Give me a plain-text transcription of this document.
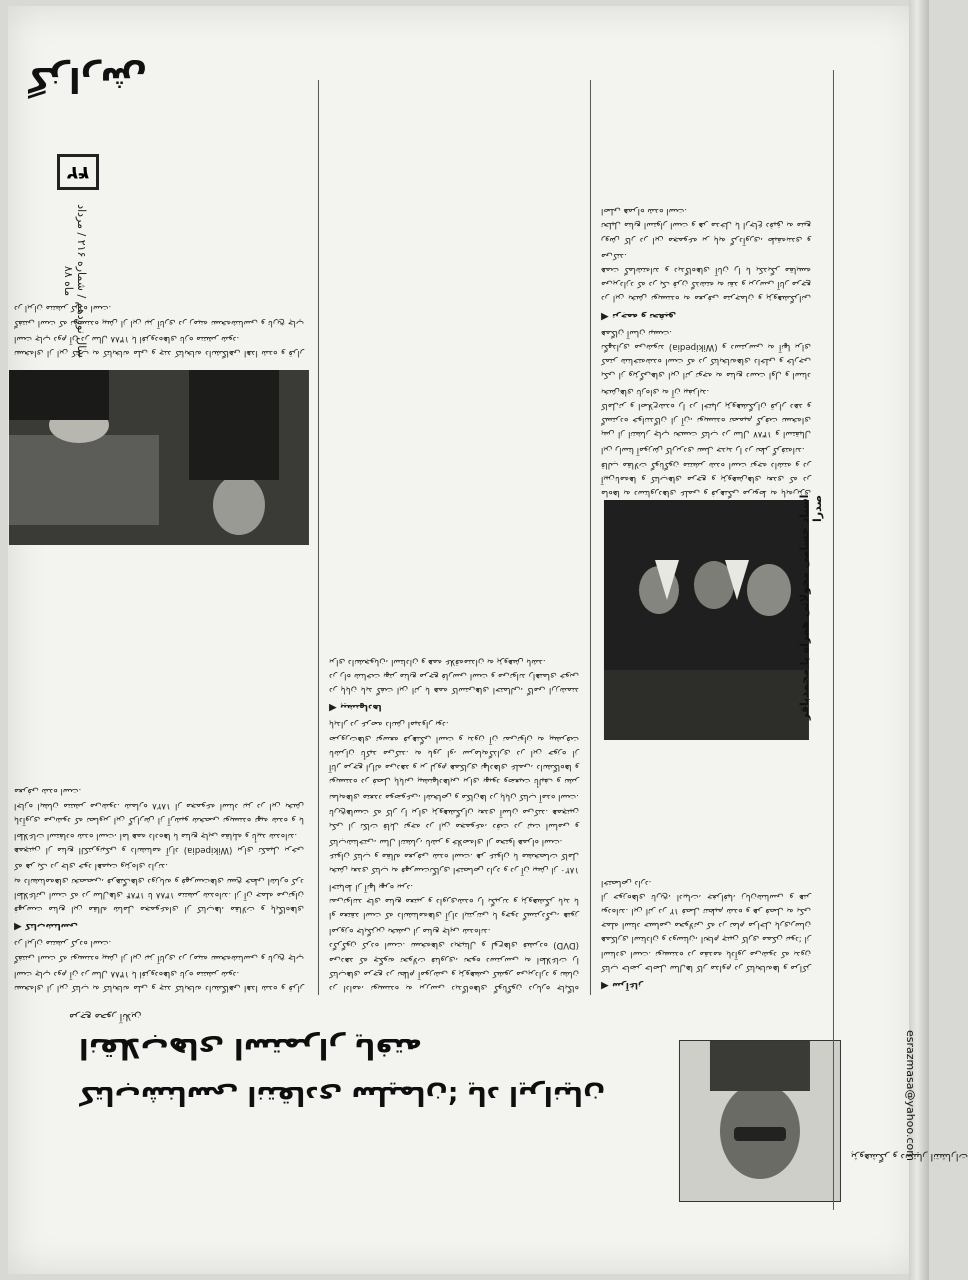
گزارش
۴۲
سال نوزدهم / شماره ۲۱۶ / مرداد ماه ۸۸
esrazmasa@yahoo.com
پژوهشگر و دستیار انتشارات
کتاب‌شناسی انتقادی سلیمان؛ یاد ایرانیان
انقلاب‌های استمرار یافته
مرجع محور آنلاین
استاد حسامی محولاتی همراه با محمدباقر صدرا

ماه‌ها به دستاوردهای علمی و فرهنگی مربوط به پایه‌ریزی آیین‌نامه‌ها و کتاب‌های مرجع و پژوهش‌های بعدی که در قالب مقالات گوناگون منتشر شده است توجه داشته و در این راستا آموزش کاربردی نسل جدید را در نظر گرفته‌اند.

پس از انتشار چاپ نخست کتاب در سال ۱۳۸۷ و استقبال گسترده خوانندگان از آن، نویسنده تصمیم گرفت نسخه‌ای کامل‌تر و اصلاح‌شده را در اختیار پژوهشگران قرار دهد و بخش‌های تازه‌ای به آن بیفزاید.

یکی از ویژگی‌های این اثر توجه به منابع دست اول و اسناد کمتر شناخته‌شده است که در کتابخانه‌های داخلی و خارجی نگهداری می‌شوند (Wikipedia) و دسترسی به آنها برای همگان آسان نیست.

◀ ترجمه و تحقیق

در این بخش نویسنده به معرفی مترجمان و پژوهشگرانی می‌پردازد که در یک قرن گذشته به نقد و بررسی آثار مرجع همت گماشته‌اند و دیدگاه‌های آنان را با یکدیگر مقایسه می‌کند.

روش کار در این مجموعه بر پایه گردآوری، طبقه‌بندی و تحلیل منابع استوار است و هر مدخل با ارجاع دقیق به منبع اصلی همراه شده است.

◀ سرآغاز

کتاب حاضر حاصل سال‌ها کار مداوم در کتابخانه‌ها و مراکز اسنادی است. نویسنده در مقدمه یادآور می‌شود که بدون همکاری استادان و دوستان، انجام چنین کاری ممکن نبود؛ از جمله استاد حسامی محولاتی که در تمام مراحل یاری‌رسان بوده‌اند. این اثر در ۱۲ فصل تنظیم شده و هر فصل به یکی از حوزه‌های تاریخ، ادبیات، جغرافیا، زبان‌شناسی و هنر اختصاص دارد.

در ادامه، نویسنده به بررسی دیدگاه‌های گوناگون درباره جایگاه کتاب‌های مرجع در نظام آموزشی و پژوهشی کشور می‌پردازد و نشان می‌دهد که چگونه تحولات فناوری، نحوه دسترسی به اطلاعات را دگرگون کرده است. نسخه‌های دیجیتال و لوح‌های فشرده (DVD) امروزه جایگزین بخشی از منابع چاپی شده‌اند.

او معتقد است که دانشنامه‌های آزاد اینترنتی با وجود گستردگی، هنوز نمی‌توانند جای منابع معتبر و داوری‌شده را بگیرند و پژوهشگر باید با احتیاط از آنها بهره ببرد.

بخش بعدی کتاب به فهرست‌نگاری اختصاص دارد و در آن بیش از ۱۸۲۰ عنوان کتاب و مقاله معرفی شده است. هر عنوان با مشخصات کامل کتاب‌شناختی، سال انتشار، ناشر و خلاصه‌ای از محتوا همراه است.

یکی از نکات قابل توجه در این مجموعه، دقت در ثبت اسامی و تاریخ‌هاست که کار را برای پژوهشگران بعدی آسان می‌کند. همچنین نمایه‌های متعدد موضوعی، اشخاص و مکان‌ها در پایان کتاب آمده است.

نویسنده در فصل پایانی پیشنهادهایی برای بهبود وضعیت تألیف و نشر آثار مرجع ارائه می‌دهد و بر لزوم همکاری نهادهای علمی، دانشگاه‌ها و ناشران تأکید می‌کند. به باور او، سرمایه‌گذاری در این حوزه از ضرورت‌های توسعه فرهنگی است و بدون آن نمی‌توان به پیشرفت پایدار در عرصه دانش امیدوار بود.

◀ پیشنهادها

در پایان باید گفت این اثر با همه کاستی‌های احتمالی، گامی ارزشمند در راه شناخت بهتر منابع مرجع فارسی است و می‌تواند راهنمای خوبی برای دانشجویان، استادان و همه علاقه‌مندان به پژوهش باشد.

نسخه‌ای از این کتاب به کتابخانه ملی و چند کتابخانه دانشگاهی اهدا شده و قرار است چاپ دوم آن در سال ۱۳۸۸ با افزوده‌های تازه منتشر شود.

گفتنی است که نویسنده پیش از این نیز آثاری در زمینه نسخه‌شناسی و تاریخ چاپ در ایران منتشر کرده است.

◀ کتاب‌شناسی

فهرست منابع این مقاله شامل مجموعه‌ای از کتاب‌ها، مقالات و پایگاه‌های اطلاعاتی است که در سال‌های ۱۳۸۴ تا ۱۳۸۸ منتشر شده‌اند. از آن جمله می‌توان به دانشنامه‌های تخصصی، فرهنگ‌های دوزبانه و فهرست‌های نسخ خطی اشاره کرد که هر یک در جای خود اهمیت ویژه‌ای دارند.

همچنین از منابع الکترونیکی و دانشنامه آزاد (Wikipedia) برای تکمیل برخی اطلاعات استفاده شده است، اما همه داده‌ها با منابع چاپی مقابله و تأیید شده‌اند.

یادآوری می‌شود که تصاویر این گزارش از آرشیو شخصی نویسنده تهیه شده و با اجازه ایشان منتشر می‌شود. شماره ۱۸۲۸ از مجموعه اسناد نیز در این بخش معرفی شده است.

نسخه‌ای از این کتاب به کتابخانه ملی و چند کتابخانه دانشگاهی اهدا شده و قرار است چاپ دوم آن در سال ۱۳۸۸ با افزوده‌های تازه منتشر شود.

گفتنی است که نویسنده پیش از این نیز آثاری در زمینه نسخه‌شناسی و تاریخ چاپ در ایران منتشر کرده است.
